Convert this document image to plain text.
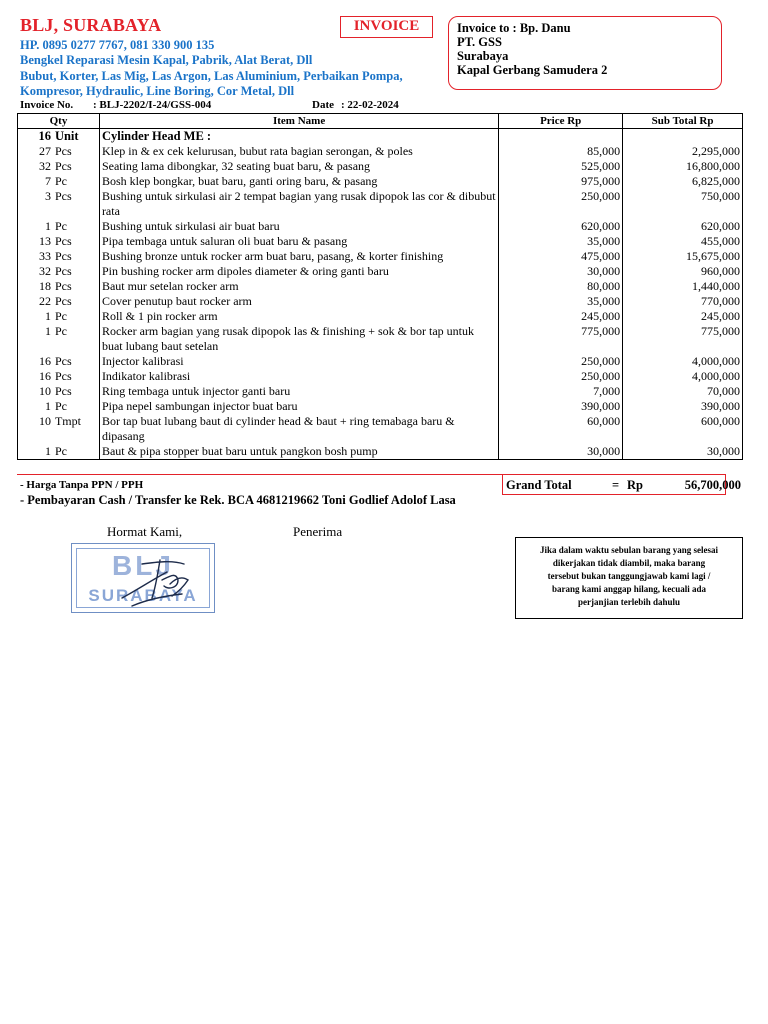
BLJ, SURABAYA
HP. 0895 0277 7767, 081 330 900 135
Bengkel Reparasi Mesin Kapal, Pabrik, Alat Berat, Dll
Bubut, Korter, Las Mig, Las Argon, Las Aluminium, Perbaikan Pompa,
Kompresor, Hydraulic, Line Boring, Cor Metal, Dll
INVOICE	Invoice to : Bp. Danu
PT. GSS
Surabaya
Kapal Gerbang Samudera 2
Invoice No. : BLJ-2202/I-24/GSS-004	Date : 22-02-2024
Qty	Item Name	Price Rp	Sub Total Rp
16 Unit	Cylinder Head ME :		
27 Pcs	Klep in & ex cek kelurusan, bubut rata bagian serongan, & poles	85,000	2,295,000
32 Pcs	Seating lama dibongkar, 32 seating buat baru, & pasang	525,000	16,800,000
7 Pc	Bosh klep bongkar, buat baru, ganti oring baru, & pasang	975,000	6,825,000
3 Pcs	Bushing untuk sirkulasi air 2 tempat bagian yang rusak dipopok las cor & dibubut rata	250,000	750,000
1 Pc	Bushing untuk sirkulasi air buat baru	620,000	620,000
13 Pcs	Pipa tembaga untuk saluran oli buat baru & pasang	35,000	455,000
33 Pcs	Bushing bronze untuk rocker arm buat baru, pasang, & korter finishing	475,000	15,675,000
32 Pcs	Pin bushing rocker arm dipoles diameter & oring ganti baru	30,000	960,000
18 Pcs	Baut mur setelan rocker arm	80,000	1,440,000
22 Pcs	Cover penutup baut rocker arm	35,000	770,000
1 Pc	Roll & 1 pin rocker arm	245,000	245,000
1 Pc	Rocker arm bagian yang rusak dipopok las & finishing + sok & bor tap untuk buat lubang baut setelan	775,000	775,000
16 Pcs	Injector kalibrasi	250,000	4,000,000
16 Pcs	Indikator kalibrasi	250,000	4,000,000
10 Pcs	Ring tembaga untuk injector ganti baru	7,000	70,000
1 Pc	Pipa nepel sambungan injector buat baru	390,000	390,000
10 Tmpt	Bor tap buat lubang baut di cylinder head & baut + ring temabaga baru & dipasang	60,000	600,000
1 Pc	Baut & pipa stopper buat baru untuk pangkon bosh pump	30,000	30,000
Grand Total	= Rp	56,700,000
- Harga Tanpa PPN / PPH
- Pembayaran Cash / Transfer ke Rek. BCA 4681219662 Toni Godlief Adolof Lasa
Hormat Kami,	Penerima
BLJ
SURABAYA
Jika dalam waktu sebulan barang yang selesai
dikerjakan tidak diambil, maka barang
tersebut bukan tanggungjawab kami lagi /
barang kami anggap hilang, kecuali ada
perjanjian terlebih dahulu
